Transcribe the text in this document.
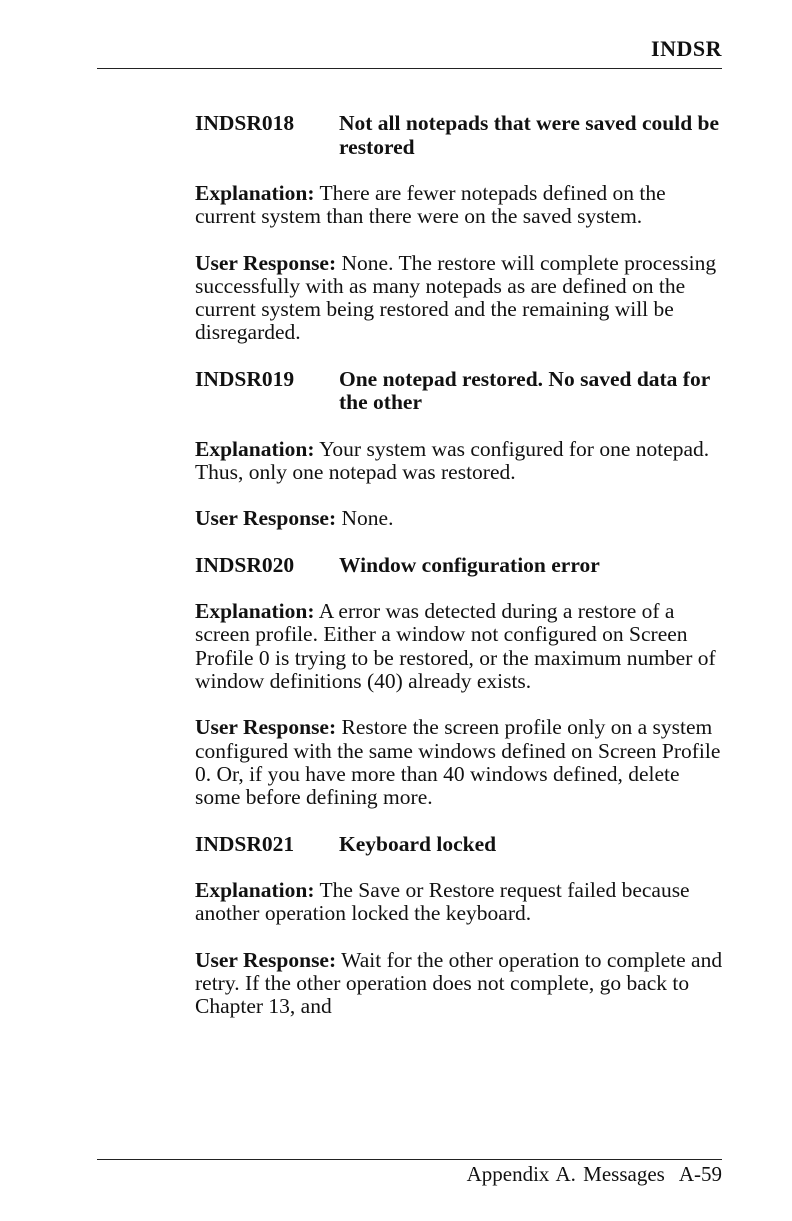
INDSR
INDSR018	Not all notepads that were saved could be restored

Explanation: There are fewer notepads defined on the current system than there were on the saved system.

User Response: None. The restore will complete processing successfully with as many notepads as are defined on the current system being restored and the remaining will be disregarded.

INDSR019	One notepad restored. No saved data for the other

Explanation: Your system was configured for one notepad. Thus, only one notepad was restored.

User Response: None.

INDSR020	Window configuration error

Explanation: A error was detected during a restore of a screen profile. Either a window not configured on Screen Profile 0 is trying to be restored, or the maximum number of window definitions (40) already exists.

User Response: Restore the screen profile only on a system configured with the same windows defined on Screen Profile 0. Or, if you have more than 40 windows defined, delete some before defining more.

INDSR021	Keyboard locked

Explanation: The Save or Restore request failed because another operation locked the keyboard.

User Response: Wait for the other operation to complete and retry. If the other operation does not complete, go back to Chapter 13, and

Appendix A. Messages A-59
